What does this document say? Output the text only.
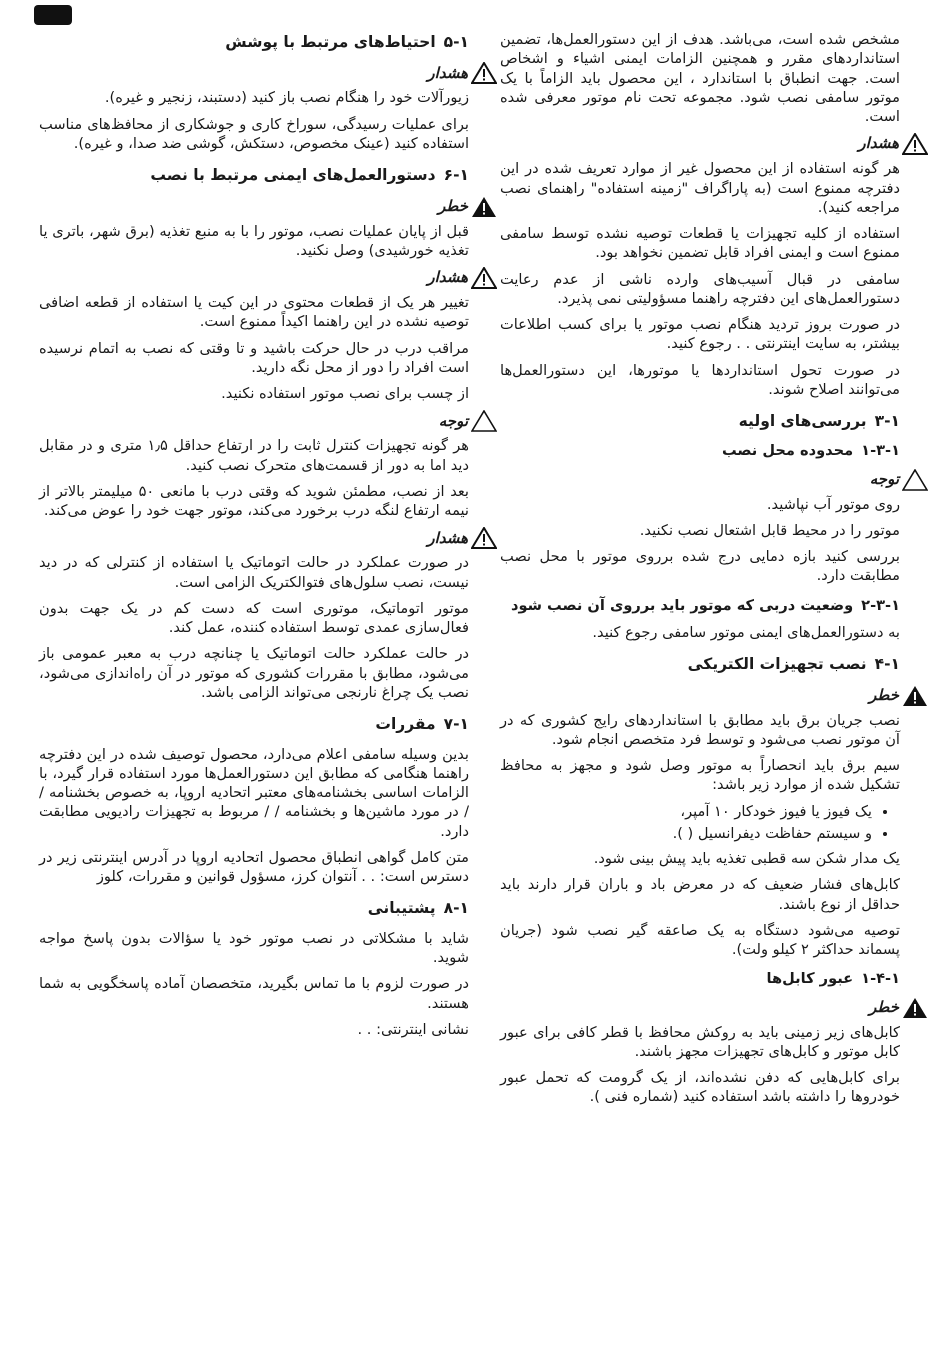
مشخص شده است، می‌باشد. هدف از این دستورالعمل‌ها، تضمین استانداردهای مقرر و همچنین الزامات ایمنی اشیاء و اشخاص است. جهت انطباق با استاندارد ، این محصول باید الزاماً با یک موتور سامفی نصب شود. مجموعه تحت نام موتور معرفی شده است.

هشدار

هر گونه استفاده از این محصول غیر از موارد تعریف شده در این دفترچه ممنوع است (به پاراگراف "زمینه استفاده" راهنمای نصب مراجعه کنید).

استفاده از کلیه تجهیزات یا قطعات توصیه نشده توسط سامفی ممنوع است و ایمنی افراد قابل تضمین نخواهد بود.

سامفی در قبال آسیب‌های وارده ناشی از عدم رعایت دستورالعمل‌های این دفترچه راهنما مسؤولیتی نمی پذیرد.

در صورت بروز تردید هنگام نصب موتور یا برای کسب اطلاعات بیشتر، به سایت اینترنتی . . رجوع کنید.

در صورت تحول استانداردها یا موتورها، این دستورالعمل‌ها می‌توانند اصلاح شوند.

۳-۱بررسی‌های اولیه
۱-۳-۱محدوده محل نصب
توجه

روی موتور آب نپاشید.

موتور را در محیط قابل اشتعال نصب نکنید.

بررسی کنید بازه دمایی درج شده برروی موتور با محل نصب مطابقت دارد.

۲-۳-۱وضعیت دربی که موتور باید برروی آن نصب شود

به دستورالعمل‌های ایمنی موتور سامفی رجوع کنید.

۴-۱نصب تجهیزات الکتریکی
خطر

نصب جریان برق باید مطابق با استانداردهای رایج کشوری که در آن موتور نصب می‌شود و توسط فرد متخصص انجام شود.

سیم برق باید انحصاراً به موتور وصل شود و مجهز به محافظ تشکیل شده از موارد زیر باشد:

• یک فیوز یا فیوز خودکار ۱۰ آمپر،
• و سیستم حفاظت دیفرانسیل ( ).

یک مدار شکن سه قطبی تغذیه باید پیش بینی شود.

کابل‌های فشار ضعیف که در معرض باد و باران قرار دارند باید حداقل از نوع باشند.

توصیه می‌شود دستگاه به یک صاعقه گیر نصب شود (جریان پسماند حداکثر ۲ کیلو ولت).

۱-۴-۱عبور کابل‌ها
خطر

کابل‌های زیر زمینی باید به روکش محافظ با قطر کافی برای عبور کابل موتور و کابل‌های تجهیزات مجهز باشند.

برای کابل‌هایی که دفن نشده‌اند، از یک گرومت که تحمل عبور خودروها را داشته باشد استفاده کنید (شماره فنی ).

۵-۱احتیاط‌های مرتبط با پوشش
هشدار

زیورآلات خود را هنگام نصب باز کنید (دستبند، زنجیر و غیره).

برای عملیات رسیدگی، سوراخ کاری و جوشکاری از محافظ‌های مناسب استفاده کنید (عینک مخصوص، دستکش، گوشی ضد صدا، و غیره).

۶-۱دستورالعمل‌های ایمنی مرتبط با نصب
خطر

قبل از پایان عملیات نصب، موتور را با به منبع تغذیه (برق شهر، باتری یا تغذیه خورشیدی) وصل نکنید.

هشدار

تغییر هر یک از قطعات محتوی در این کیت یا استفاده از قطعه اضافی توصیه نشده در این راهنما اکیداً ممنوع است.

مراقب درب در حال حرکت باشید و تا وقتی که نصب به اتمام نرسیده است افراد را دور از محل نگه دارید.

از چسب برای نصب موتور استفاده نکنید.

توجه

هر گونه تجهیزات کنترل ثابت را در ارتفاع حداقل ۱٫۵ متری و در مقابل دید اما به دور از قسمت‌های متحرک نصب کنید.

بعد از نصب، مطمئن شوید که وقتی درب با مانعی ۵۰ میلیمتر بالاتر از نیمه ارتفاع لنگه درب برخورد می‌کند، موتور جهت خود را عوض می‌کند.

هشدار

در صورت عملکرد در حالت اتوماتیک یا استفاده از کنترلی که در دید نیست، نصب سلول‌های فتوالکتریک الزامی است.

موتور اتوماتیک، موتوری است که دست کم در یک جهت بدون فعال‌سازی عمدی توسط استفاده کننده، عمل کند.

در حالت عملکرد حالت اتوماتیک یا چنانچه درب به معبر عمومی باز می‌شود، مطابق با مقررات کشوری که موتور در آن راه‌اندازی می‌شود، نصب یک چراغ نارنجی می‌تواند الزامی باشد.

۷-۱مقررات

بدین وسیله سامفی اعلام می‌دارد، محصول توصیف شده در این دفترچه راهنما هنگامی که مطابق این دستورالعمل‌ها مورد استفاده قرار گیرد، با الزامات اساسی بخشنامه‌های معتبر اتحادیه اروپا، به خصوص بخشنامه / / در مورد ماشین‌ها و بخشنامه / / مربوط به تجهیزات رادیویی مطابقت دارد.

متن کامل گواهی انطباق محصول اتحادیه اروپا در آدرس اینترنتی زیر در دسترس است: . . آنتوان کرز، مسؤول قوانین و مقررات، کلوز

۸-۱پشتیبانی

شاید با مشکلاتی در نصب موتور خود یا سؤالات بدون پاسخ مواجه شوید.

در صورت لزوم با ما تماس بگیرید، متخصصان آماده پاسخگویی به شما هستند.

نشانی اینترنتی: . .
